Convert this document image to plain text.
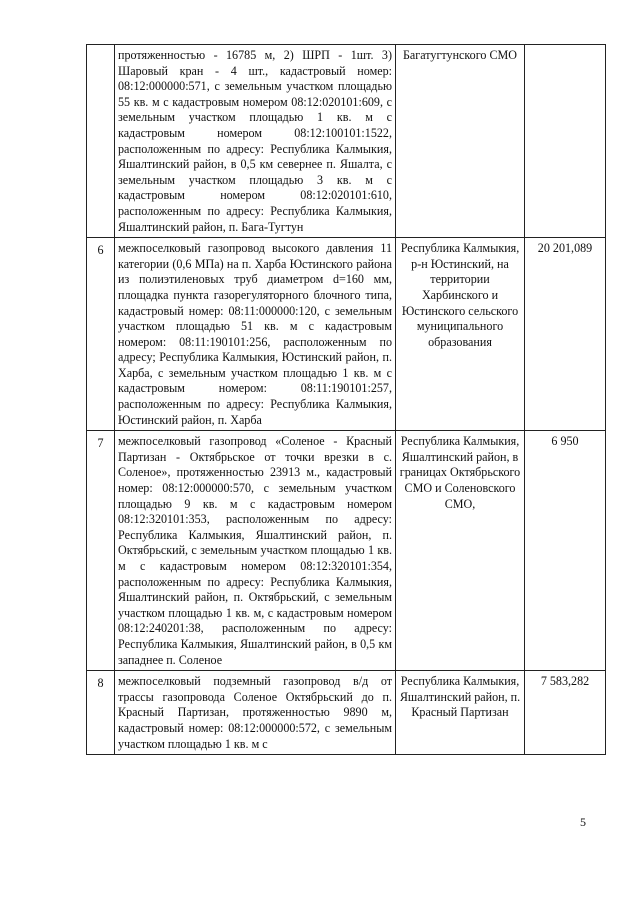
	протяженностью - 16785 м, 2) ШРП - 1шт. 3) Шаровый кран - 4 шт., кадастровый номер: 08:12:000000:571, с земельным участком площадью 55 кв. м с кадастровым номером 08:12:020101:609, с земельным участком площадью 1 кв. м с кадастровым номером 08:12:100101:1522, расположенным по адресу: Республика Калмыкия, Яшалтинский район, в 0,5 км севернее п. Яшалта, с земельным участком площадью 3 кв. м с кадастровым номером 08:12:020101:610, расположенным по адресу: Республика Калмыкия, Яшалтинский район, п. Бага-Тугтун	Багатугтунского СМО	
6	межпоселковый газопровод высокого давления 11 категории (0,6 МПа) на п. Харба Юстинского района из полиэтиленовых труб диаметром d=160 мм, площадка пункта газорегуляторного блочного типа, кадастровый номер: 08:11:000000:120, с земельным участком площадью 51 кв. м с кадастровым номером: 08:11:190101:256, расположенным по адресу; Республика Калмыкия, Юстинский район, п. Харба, с земельным участком площадью 1 кв. м с кадастровым номером: 08:11:190101:257, расположенным по адресу: Республика Калмыкия, Юстинский район, п. Харба	Республика Калмыкия, р-н Юстинский, на территории Харбинского и Юстинского сельского муниципального образования	20 201,089
7	межпоселковый газопровод «Соленое - Красный Партизан - Октябрьское от точки врезки в с. Соленое», протяженностью 23913 м., кадастровый номер: 08:12:000000:570, с земельным участком площадью 9 кв. м с кадастровым номером 08:12:320101:353, расположенным по адресу: Республика Калмыкия, Яшалтинский район, п. Октябрьский, с земельным участком площадью 1 кв. м с кадастровым номером 08:12:320101:354, расположенным по адресу: Республика Калмыкия, Яшалтинский район, п. Октябрьский, с земельным участком площадью 1 кв. м, с кадастровым номером 08:12:240201:38, расположенным по адресу: Республика Калмыкия, Яшалтинский район, в 0,5 км западнее п. Соленое	Республика Калмыкия, Яшалтинский район, в границах Октябрьского СМО и Соленовского СМО,	6 950
8	межпоселковый подземный газопровод в/д от трассы газопровода Соленое Октябрьский до п. Красный Партизан, протяженностью 9890 м, кадастровый номер: 08:12:000000:572, с земельным участком площадью 1 кв. м с	Республика Калмыкия, Яшалтинский район, п. Красный Партизан	7 583,282
5
